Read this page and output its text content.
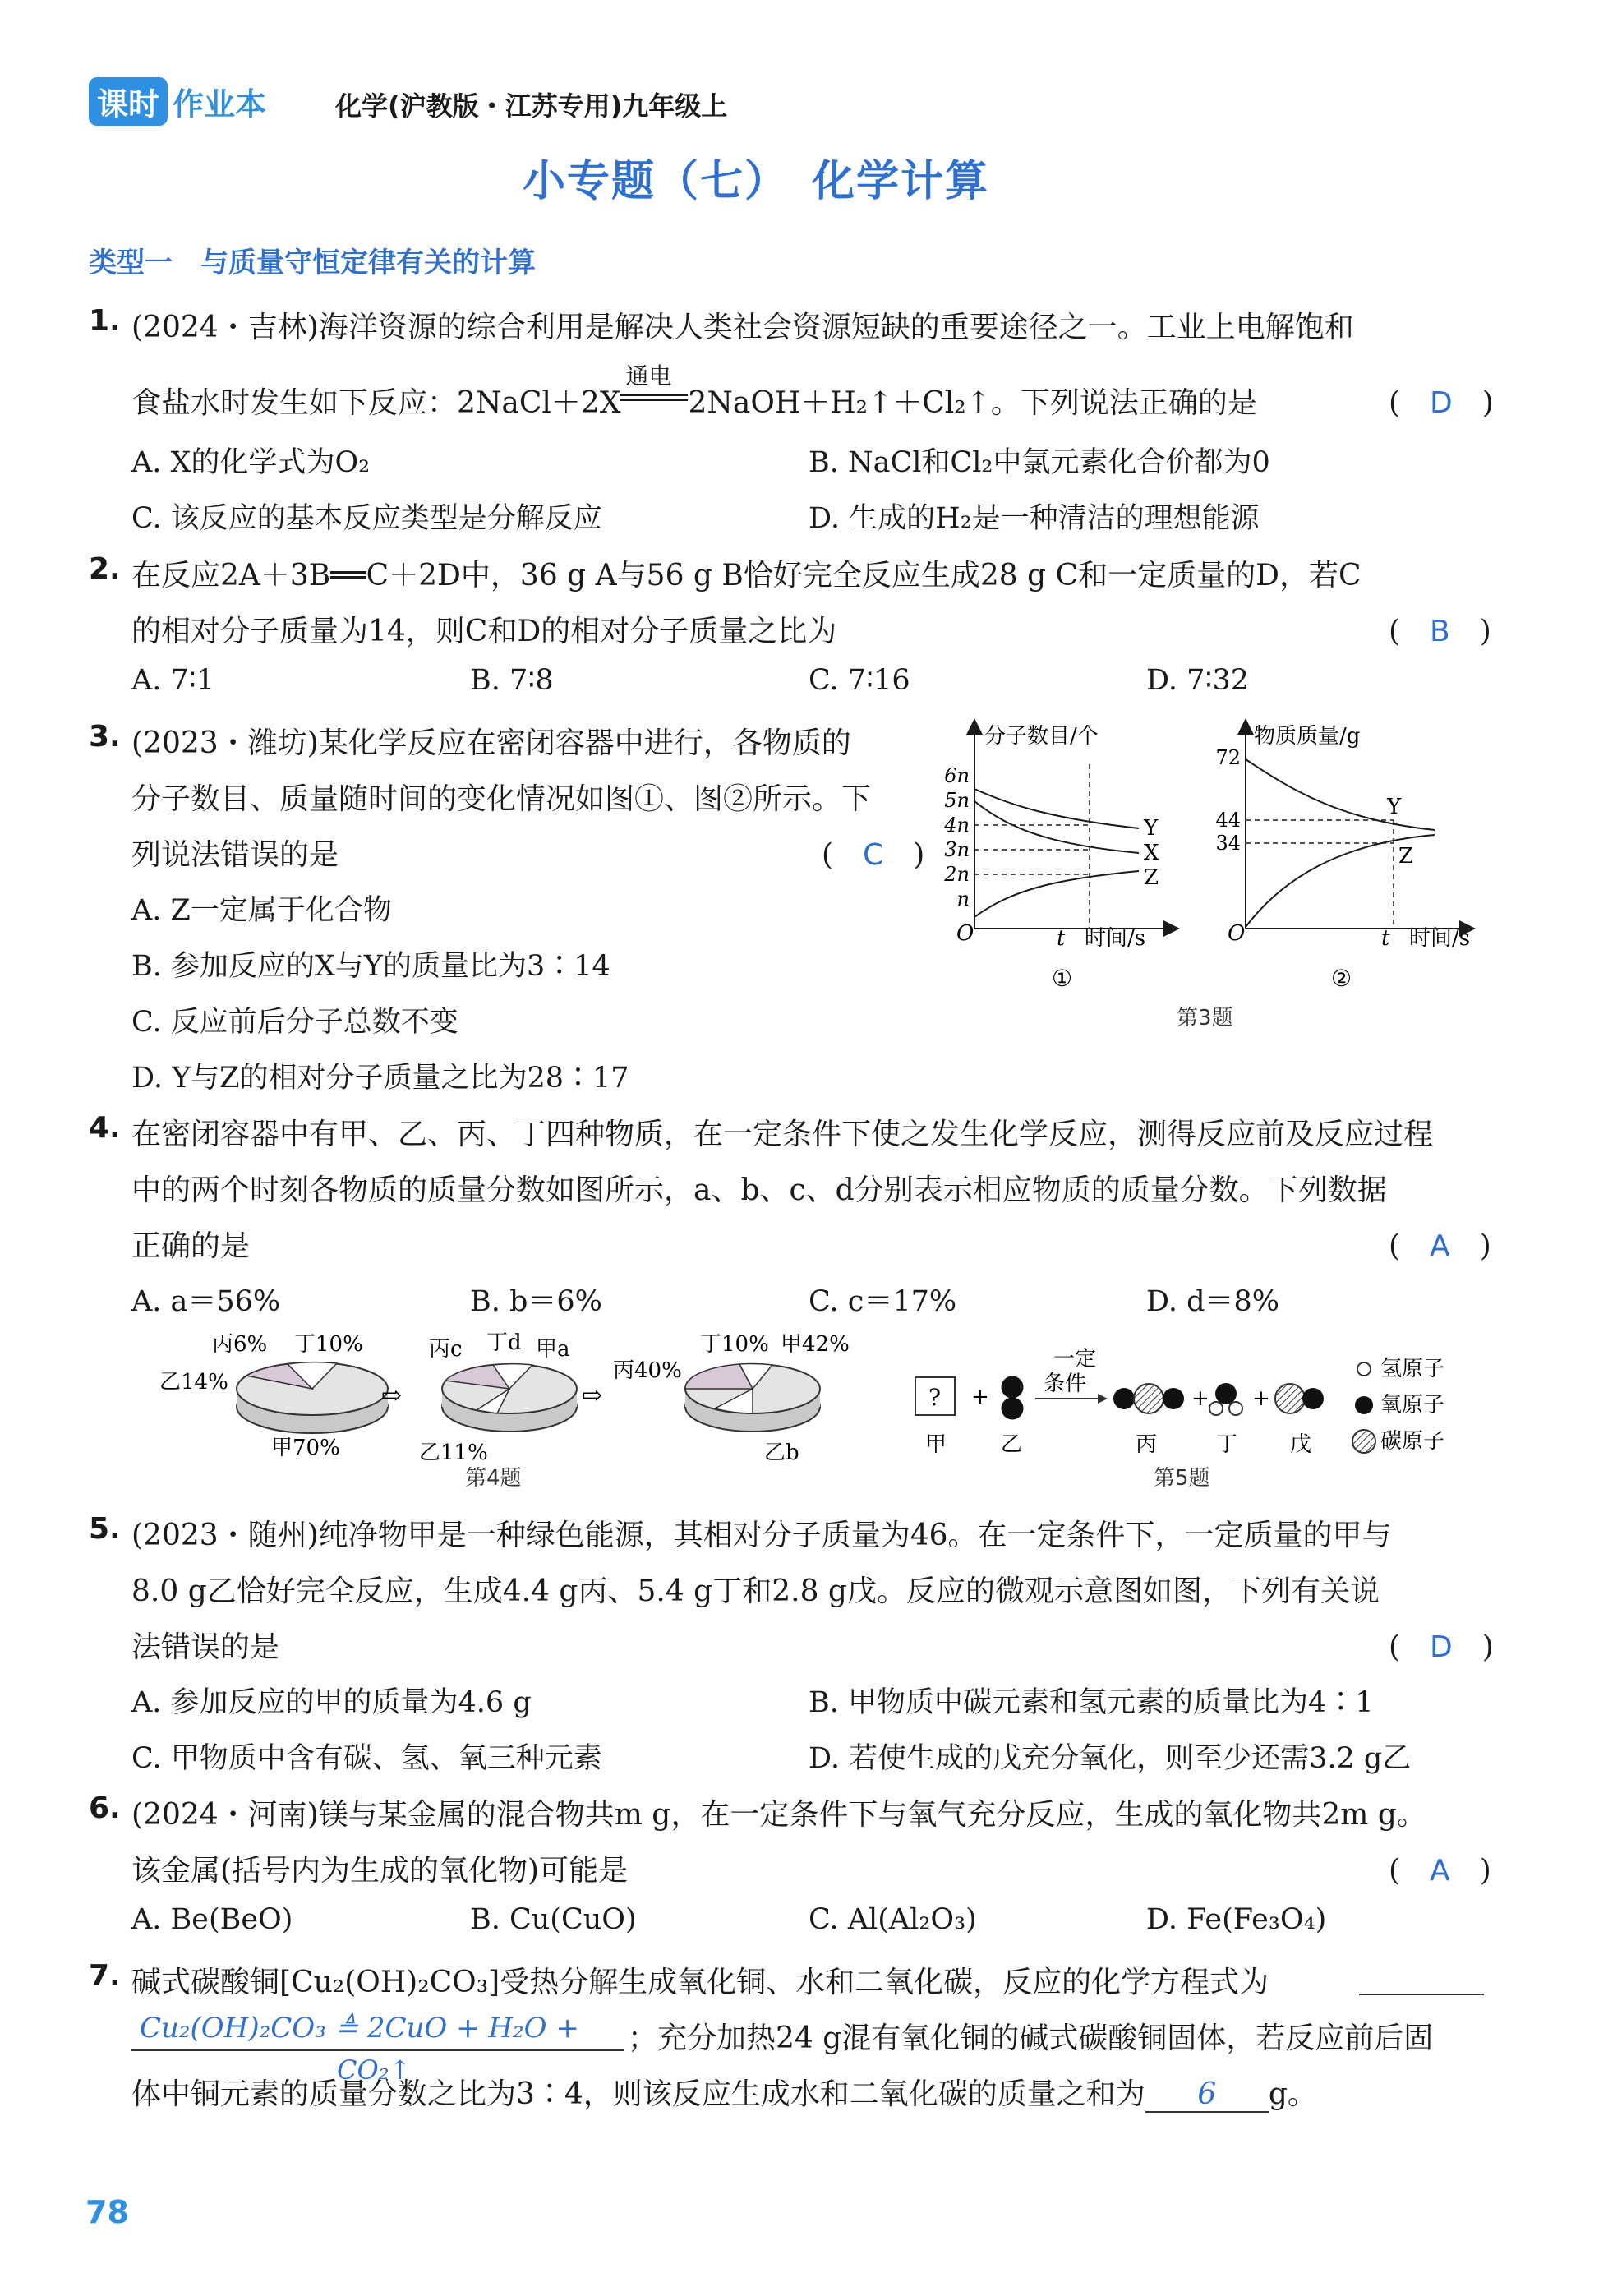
课时 作业本	化学(沪教版・江苏专用)九年级上
小专题（七）　化学计算
类型一　与质量守恒定律有关的计算
1. (2024・吉林)海洋资源的综合利用是解决人类社会资源短缺的重要途径之一。工业上电解饱和
食盐水时发生如下反应：2NaCl＋2X
通电
2NaOH＋H₂↑＋Cl₂↑。下列说法正确的是	(　D　)
A. X的化学式为O₂	B. NaCl和Cl₂中氯元素化合价都为0
C. 该反应的基本反应类型是分解反应	D. 生成的H₂是一种清洁的理想能源
2. 在反应2A＋3B══C＋2D中，36 g A与56 g B恰好完全反应生成28 g C和一定质量的D，若C
的相对分子质量为14，则C和D的相对分子质量之比为	(　B　)
A. 7∶1	B. 7∶8	C. 7∶16	D. 7∶32
3. (2023・潍坊)某化学反应在密闭容器中进行，各物质的
分子数目、质量随时间的变化情况如图①、图②所示。下
列说法错误的是	(　C　)
A. Z一定属于化合物
B. 参加反应的X与Y的质量比为3∶14
C. 反应前后分子总数不变
D. Y与Z的相对分子质量之比为28∶17
分子数目/个
O	时间/s
t
6n
5n
4n
3n
2n
n
Y
X
Z
①
物质质量/g
O	时间/s
t
72
44
34
Y
Z
②
第3题
4. 在密闭容器中有甲、乙、丙、丁四种物质，在一定条件下使之发生化学反应，测得反应前及反应过程
中的两个时刻各物质的质量分数如图所示，a、b、c、d分别表示相应物质的质量分数。下列数据
正确的是	(　A　)
A. a＝56%	B. b＝6%	C. c＝17%	D. d＝8%
丙6% 丁10%
乙14%
甲70%
⇨
丙c 丁d 甲a
乙11%
⇨
丙40%
丁10% 甲42%
乙b
第4题
? +
一定
条件
+ +
甲	乙	丙	丁 戊
氢原子
氧原子
碳原子
第5题
5. (2023・随州)纯净物甲是一种绿色能源，其相对分子质量为46。在一定条件下，一定质量的甲与
8.0 g乙恰好完全反应，生成4.4 g丙、5.4 g丁和2.8 g戊。反应的微观示意图如图，下列有关说
法错误的是	(　D　)
A. 参加反应的甲的质量为4.6 g	B. 甲物质中碳元素和氢元素的质量比为4∶1
C. 甲物质中含有碳、氢、氧三种元素	D. 若使生成的戊充分氧化，则至少还需3.2 g乙
6. (2024・河南)镁与某金属的混合物共m g，在一定条件下与氧气充分反应，生成的氧化物共2m g。
该金属(括号内为生成的氧化物)可能是	(　A　)
A. Be(BeO)	B. Cu(CuO)	C. Al(Al₂O₃)	D. Fe(Fe₃O₄)
7. 碱式碳酸铜[Cu₂(OH)₂CO₃]受热分解生成氧化铜、水和二氧化碳，反应的化学方程式为
Cu₂(OH)₂CO₃ ≜ 2CuO + H₂O + ；充分加热24 g混有氧化铜的碱式碳酸铜固体，若反应前后固
CO₂↑
体中铜元素的质量分数之比为3∶4，则该反应生成水和二氧化碳的质量之和为 6 g。
78
